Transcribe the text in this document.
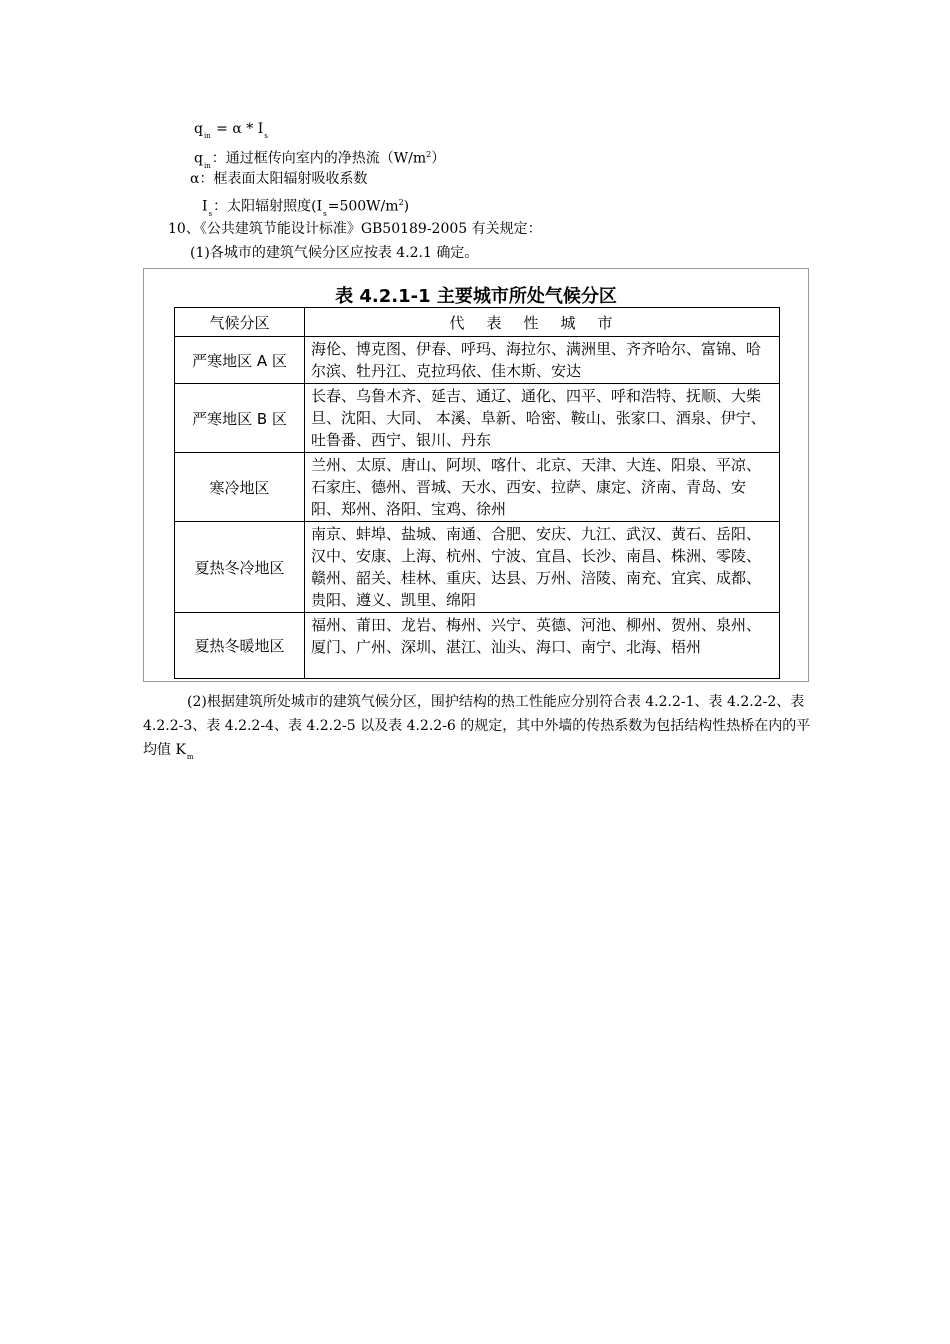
$q_{in} = \alpha * I_s$
$q_{in}$：通过框传向室内的净热流$(W/m^2)$
α：框表面太阳辐射吸收系数
$I_s$：太阳辐射照度$(I_s=500W/m^2)$
10、《公共建筑节能设计标准》GB50189-2005 有关规定：
(1)各城市的建筑气候分区应按表 4.2.1 确定。
表 4.2.1-1 主要城市所处气候分区
气候分区	代表性城市
严寒地区 A 区	海伦、博克图、伊春、呼玛、海拉尔、满洲里、齐齐哈尔、富锦、哈尔滨、牡丹江、克拉玛依、佳木斯、安达
严寒地区 B 区	长春、乌鲁木齐、延吉、通辽、通化、四平、呼和浩特、抚顺、大柴旦、沈阳、大同、 本溪、阜新、哈密、鞍山、张家口、酒泉、伊宁、吐鲁番、西宁、银川、丹东
寒冷地区	兰州、太原、唐山、阿坝、喀什、北京、天津、大连、阳泉、平凉、石家庄、德州、晋城、天水、西安、拉萨、康定、济南、青岛、安阳、郑州、洛阳、宝鸡、徐州
夏热冬冷地区	南京、蚌埠、盐城、南通、合肥、安庆、九江、武汉、黄石、岳阳、汉中、安康、上海、杭州、宁波、宜昌、长沙、南昌、株洲、零陵、赣州、韶关、桂林、重庆、达县、万州、涪陵、南充、宜宾、成都、贵阳、遵义、凯里、绵阳
夏热冬暖地区	福州、莆田、龙岩、梅州、兴宁、英德、河池、柳州、贺州、泉州、厦门、广州、深圳、湛江、汕头、海口、南宁、北海、梧州
(2)根据建筑所处城市的建筑气候分区，围护结构的热工性能应分别符合表 4.2.2-1、表 4.2.2-2、表 4.2.2-3、表 4.2.2-4、表 4.2.2-5 以及表 4.2.2-6 的规定，其中外墙的传热系数为包括结构性热桥在内的平均值 $K_m$
